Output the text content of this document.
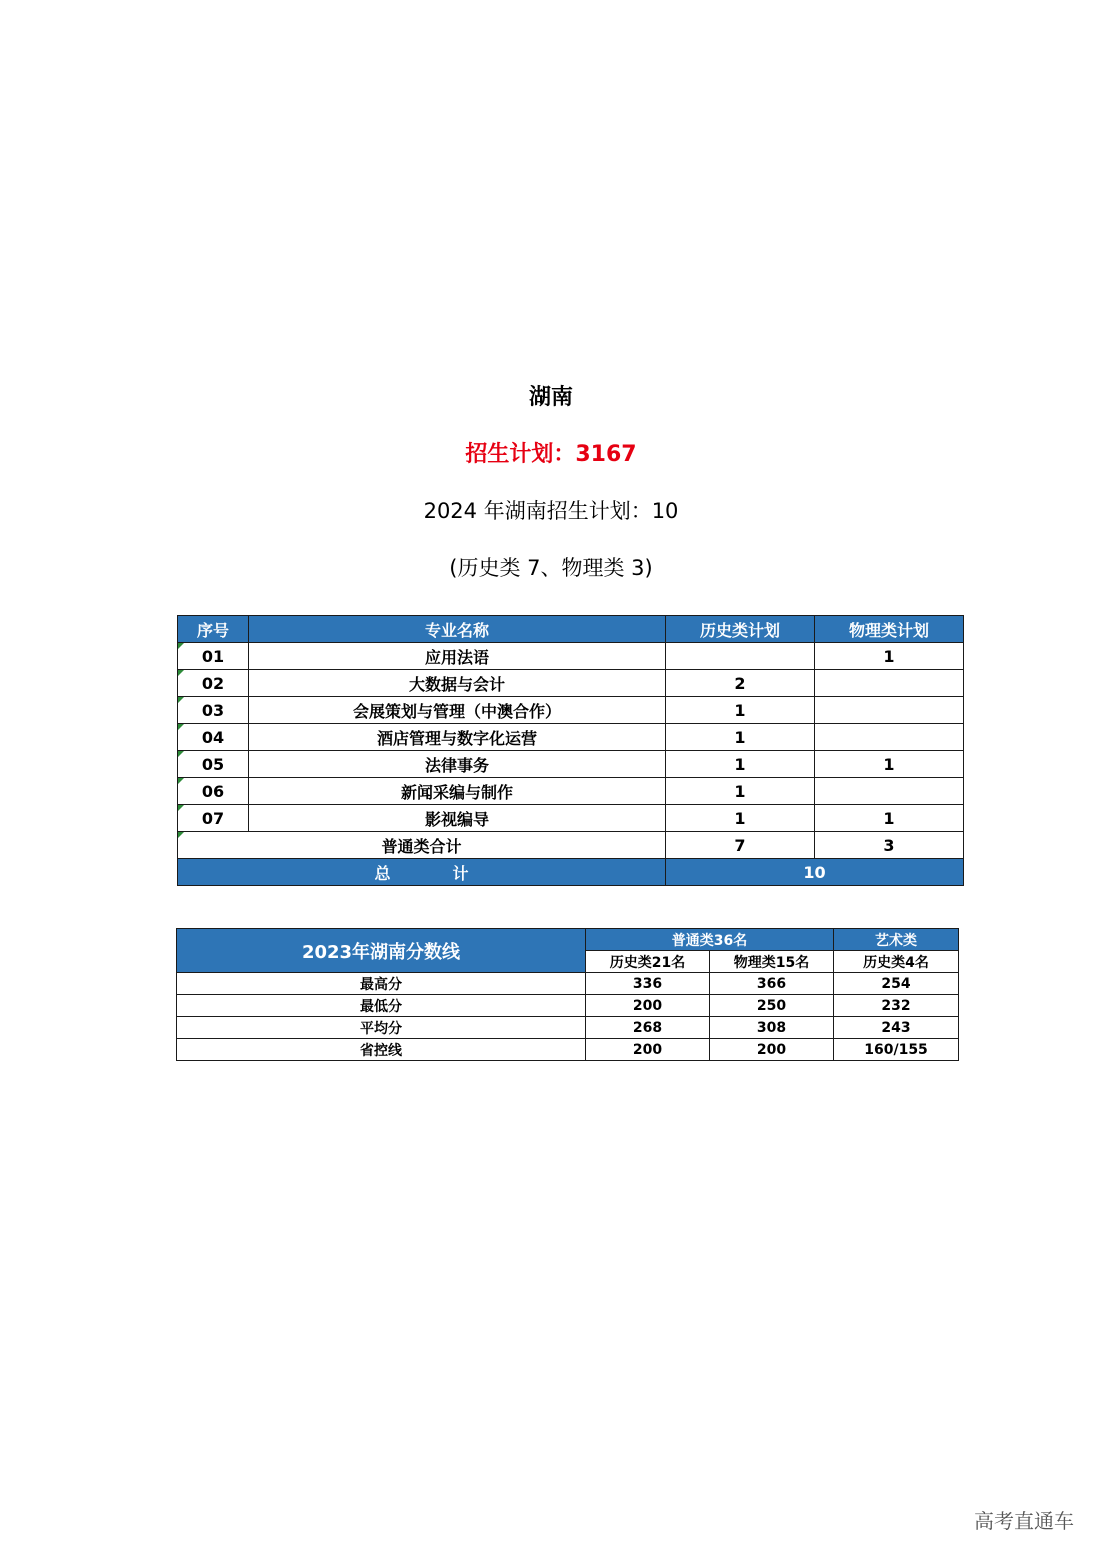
湖南
招生计划：3167
2024 年湖南招生计划：10
(历史类 7、物理类 3)
序号	专业名称	历史类计划	物理类计划
01	应用法语		1
02	大数据与会计	2	
03	会展策划与管理（中澳合作）	1	
04	酒店管理与数字化运营	1	
05	法律事务	1	1
06	新闻采编与制作	1	
07	影视编导	1	1
普通类合计		7	3
总计		10	
2023年湖南分数线	普通类36名		艺术类
	历史类21名	物理类15名	历史类4名
最高分	336	366	254
最低分	200	250	232
平均分	268	308	243
省控线	200	200	160/155
高考直通车
